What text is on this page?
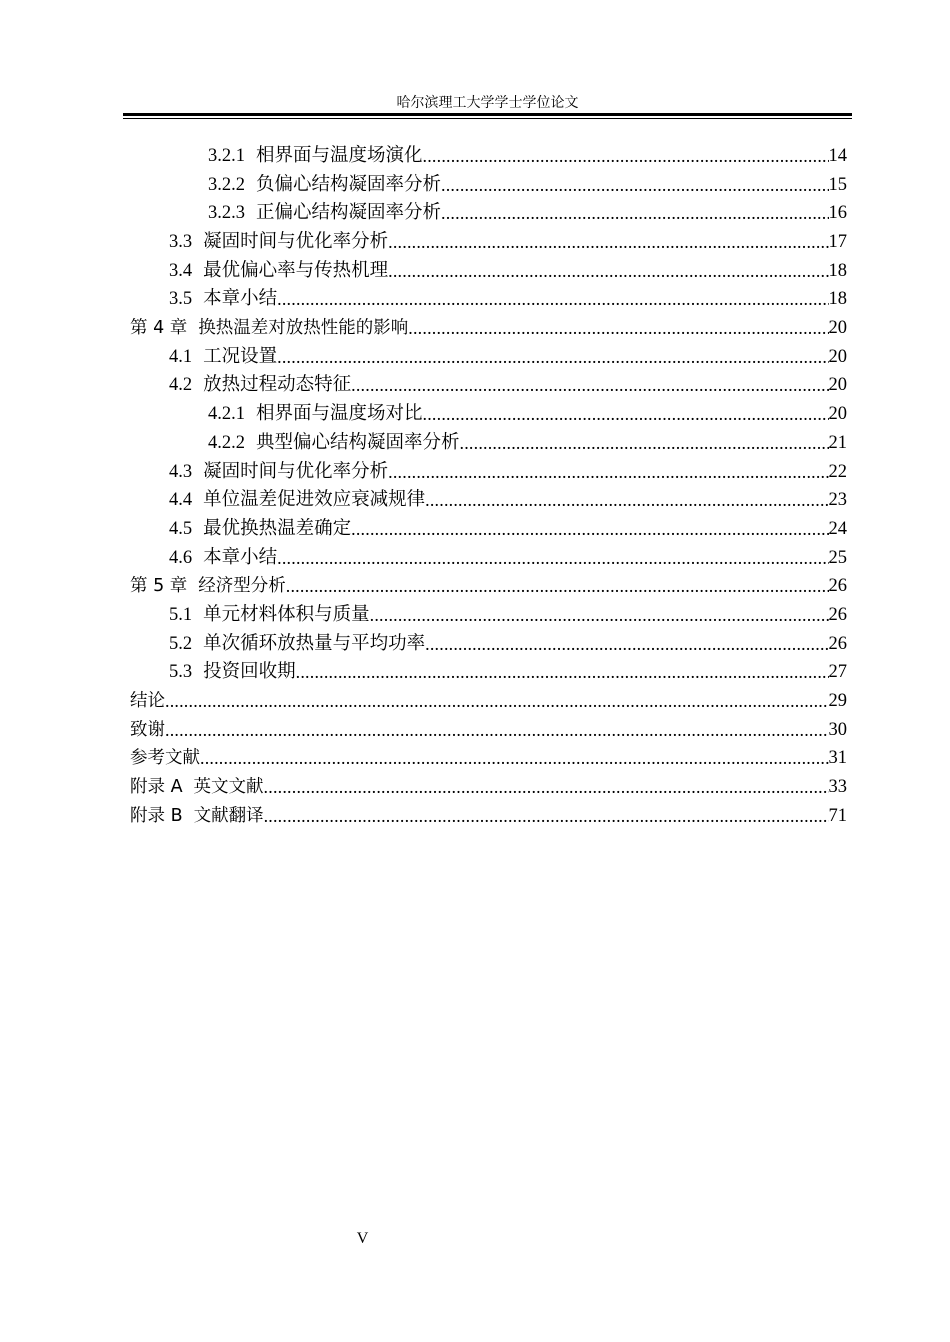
哈尔滨理工大学学士学位论文
3.2.1 相界面与温度场演化 .....	14
3.2.2 负偏心结构凝固率分析 .....	15
3.2.3 正偏心结构凝固率分析 .....	16
3.3 凝固时间与优化率分析 .....	17
3.4 最优偏心率与传热机理 .....	18
3.5 本章小结 .....	18
第 4 章 换热温差对放热性能的影响 .....	20
4.1 工况设置 .....	20
4.2 放热过程动态特征 .....	20
4.2.1 相界面与温度场对比 .....	20
4.2.2 典型偏心结构凝固率分析 .....	21
4.3 凝固时间与优化率分析 .....	22
4.4 单位温差促进效应衰减规律 .....	23
4.5 最优换热温差确定 .....	24
4.6 本章小结 .....	25
第 5 章 经济型分析 .....	26
5.1 单元材料体积与质量 .....	26
5.2 单次循环放热量与平均功率 .....	26
5.3 投资回收期 .....	27
结论 .....	29
致谢 .....	30
参考文献 .....	31
附录 A 英文文献 .....	33
附录 B 文献翻译 .....	71
V
